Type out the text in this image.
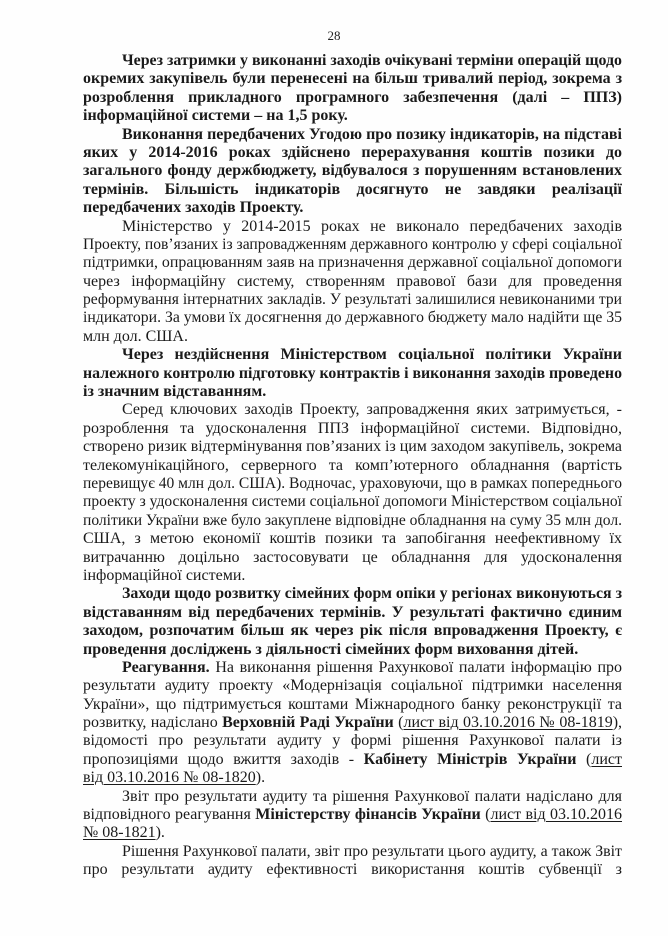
28
Через затримки у виконанні заходів очікувані терміни операцій щодо
окремих закупівель були перенесені на більш тривалий період, зокрема з
розроблення прикладного програмного забезпечення (далі – ППЗ)
інформаційної системи – на 1,5 року.
Виконання передбачених Угодою про позику індикаторів, на підставі
яких у 2014-2016 роках здійснено перерахування коштів позики до
загального фонду держбюджету, відбувалося з порушенням встановлених
термінів. Більшість індикаторів досягнуто не завдяки реалізації
передбачених заходів Проекту.
Міністерство у 2014-2015 роках не виконало передбачених заходів
Проекту, пов’язаних із запровадженням державного контролю у сфері соціальної
підтримки, опрацюванням заяв на призначення державної соціальної допомоги
через інформаційну систему, створенням правової бази для проведення
реформування інтернатних закладів. У результаті залишилися невиконаними три
індикатори. За умови їх досягнення до державного бюджету мало надійти ще 35
млн дол. США.
Через нездійснення Міністерством соціальної політики України
належного контролю підготовку контрактів і виконання заходів проведено
із значним відставанням.
Серед ключових заходів Проекту, запровадження яких затримується, -
розроблення та удосконалення ППЗ інформаційної системи. Відповідно,
створено ризик відтермінування пов’язаних із цим заходом закупівель, зокрема
телекомунікаційного, серверного та комп’ютерного обладнання (вартість
перевищує 40 млн дол. США). Водночас, ураховуючи, що в рамках попереднього
проекту з удосконалення системи соціальної допомоги Міністерством соціальної
політики України вже було закуплене відповідне обладнання на суму 35 млн дол.
США, з метою економії коштів позики та запобігання неефективному їх
витрачанню доцільно застосовувати це обладнання для удосконалення
інформаційної системи.
Заходи щодо розвитку сімейних форм опіки у регіонах виконуються з
відставанням від передбачених термінів. У результаті фактично єдиним
заходом, розпочатим більш як через рік після впровадження Проекту, є
проведення досліджень з діяльності сімейних форм виховання дітей.
Реагування. На виконання рішення Рахункової палати інформацію про
результати аудиту проекту «Модернізація соціальної підтримки населення
України», що підтримується коштами Міжнародного банку реконструкції та
розвитку, надіслано Верховній Раді України (лист від 03.10.2016 № 08-1819),
відомості про результати аудиту у формі рішення Рахункової палати із
пропозиціями щодо вжиття заходів - Кабінету Міністрів України (лист
від 03.10.2016 № 08-1820).
Звіт про результати аудиту та рішення Рахункової палати надіслано для
відповідного реагування Міністерству фінансів України (лист від 03.10.2016
№ 08-1821).
Рішення Рахункової палати, звіт про результати цього аудиту, а також Звіт
про результати аудиту ефективності використання коштів субвенції з
